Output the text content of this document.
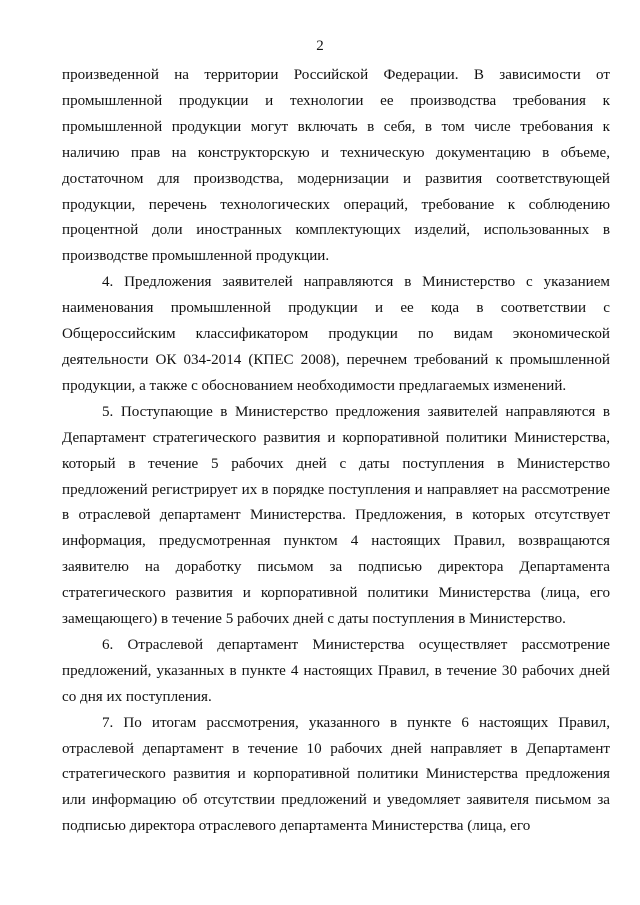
2

произведенной на территории Российской Федерации. В зависимости от промышленной продукции и технологии ее производства требования к промышленной продукции могут включать в себя, в том числе требования к наличию прав на конструкторскую и техническую документацию в объеме, достаточном для производства, модернизации и развития соответствующей продукции, перечень технологических операций, требование к соблюдению процентной доли иностранных комплектующих изделий, использованных в производстве промышленной продукции.

4. Предложения заявителей направляются в Министерство с указанием наименования промышленной продукции и ее кода в соответствии с Общероссийским классификатором продукции по видам экономической деятельности ОК 034-2014 (КПЕС 2008), перечнем требований к промышленной продукции, а также с обоснованием необходимости предлагаемых изменений.

5. Поступающие в Министерство предложения заявителей направляются в Департамент стратегического развития и корпоративной политики Министерства, который в течение 5 рабочих дней с даты поступления в Министерство предложений регистрирует их в порядке поступления и направляет на рассмотрение в отраслевой департамент Министерства. Предложения, в которых отсутствует информация, предусмотренная пунктом 4 настоящих Правил, возвращаются заявителю на доработку письмом за подписью директора Департамента стратегического развития и корпоративной политики Министерства (лица, его замещающего) в течение 5 рабочих дней с даты поступления в Министерство.

6. Отраслевой департамент Министерства осуществляет рассмотрение предложений, указанных в пункте 4 настоящих Правил, в течение 30 рабочих дней со дня их поступления.

7. По итогам рассмотрения, указанного в пункте 6 настоящих Правил, отраслевой департамент в течение 10 рабочих дней направляет в Департамент стратегического развития и корпоративной политики Министерства предложения или информацию об отсутствии предложений и уведомляет заявителя письмом за подписью директора отраслевого департамента Министерства (лица, его
